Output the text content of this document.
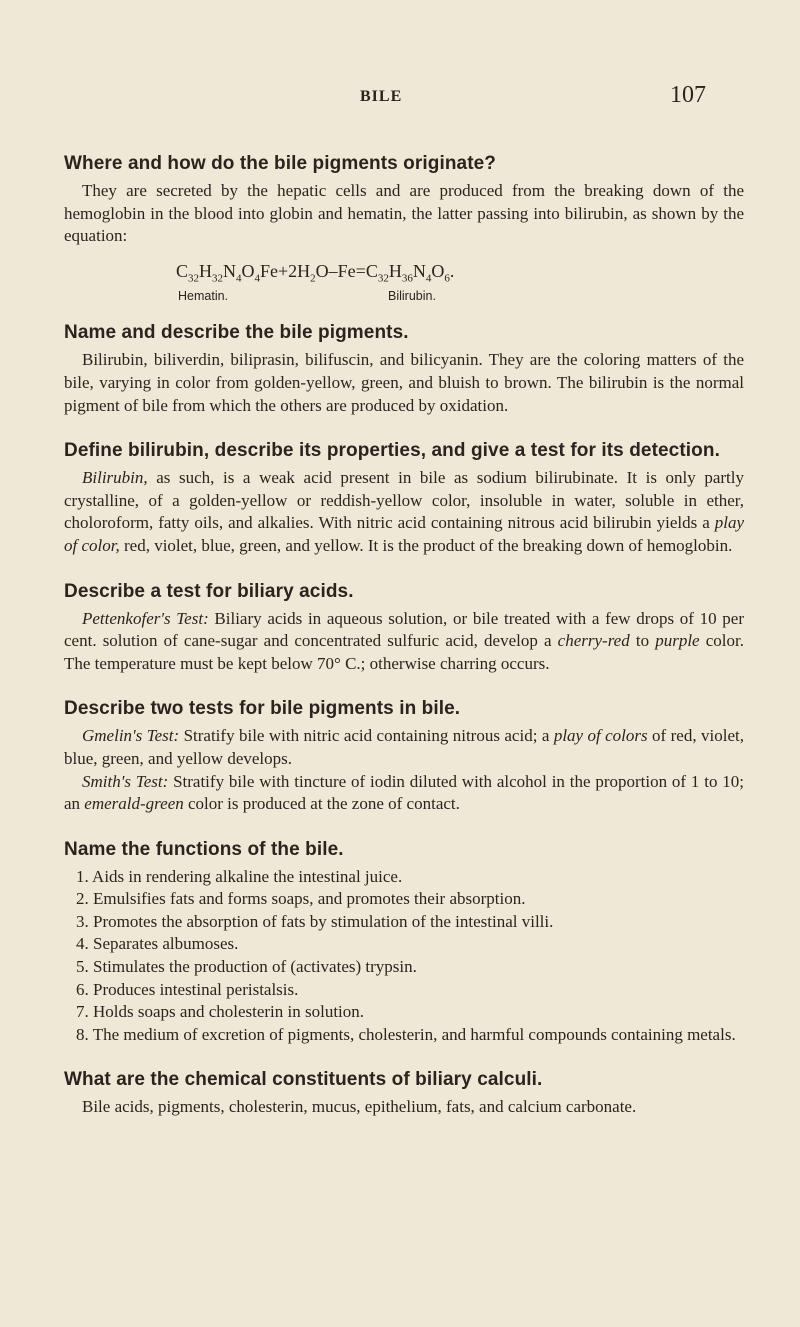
BILE	107
Where and how do the bile pigments originate?

They are secreted by the hepatic cells and are produced from the breaking down of the hemoglobin in the blood into globin and hematin, the latter passing into bilirubin, as shown by the equation:

$C_{32}H_{32}N_4O_4Fe+2H_2O-Fe=C_{32}H_{36}N_4O_6$.
Hematin.	Bilirubin.
Name and describe the bile pigments.

Bilirubin, biliverdin, biliprasin, bilifuscin, and bilicyanin. They are the coloring matters of the bile, varying in color from golden-yellow, green, and bluish to brown. The bilirubin is the normal pigment of bile from which the others are produced by oxidation.

Define bilirubin, describe its properties, and give a test for its detection.

Bilirubin, as such, is a weak acid present in bile as sodium bilirubinate. It is only partly crystalline, of a golden-yellow or reddish-yellow color, insoluble in water, soluble in ether, choloroform, fatty oils, and alkalies. With nitric acid containing nitrous acid bilirubin yields a play of color, red, violet, blue, green, and yellow. It is the product of the breaking down of hemoglobin.

Describe a test for biliary acids.

Pettenkofer's Test: Biliary acids in aqueous solution, or bile treated with a few drops of 10 per cent. solution of cane-sugar and concentrated sulfuric acid, develop a cherry-red to purple color. The temperature must be kept below 70° C.; otherwise charring occurs.

Describe two tests for bile pigments in bile.

Gmelin's Test: Stratify bile with nitric acid containing nitrous acid; a play of colors of red, violet, blue, green, and yellow develops.

Smith's Test: Stratify bile with tincture of iodin diluted with alcohol in the proportion of 1 to 10; an emerald-green color is produced at the zone of contact.

Name the functions of the bile.

1. Aids in rendering alkaline the intestinal juice.

2. Emulsifies fats and forms soaps, and promotes their absorption.

3. Promotes the absorption of fats by stimulation of the intestinal villi.

4. Separates albumoses.

5. Stimulates the production of (activates) trypsin.

6. Produces intestinal peristalsis.

7. Holds soaps and cholesterin in solution.

8. The medium of excretion of pigments, cholesterin, and harmful compounds containing metals.

What are the chemical constituents of biliary calculi.

Bile acids, pigments, cholesterin, mucus, epithelium, fats, and calcium carbonate.
